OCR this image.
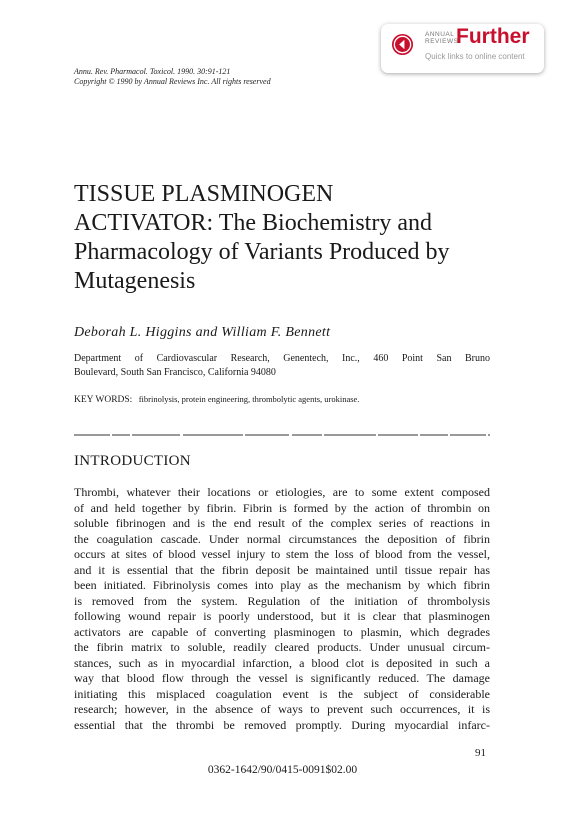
Annu. Rev. Pharmacol. Toxicol. 1990. 30:91-121
Copyright © 1990 by Annual Reviews Inc. All rights reserved
ANNUAL
REVIEWS
Further
Quick links to online content
TISSUE PLASMINOGEN
ACTIVATOR: The Biochemistry and
Pharmacology of Variants Produced by
Mutagenesis
Deborah L. Higgins and William F. Bennett
Department of Cardiovascular Research, Genentech, Inc., 460 Point San Bruno
Boulevard, South San Francisco, California 94080
KEY WORDS: fibrinolysis, protein engineering, thrombolytic agents, urokinase.
INTRODUCTION
Thrombi, whatever their locations or etiologies, are to some extent composed
of and held together by fibrin. Fibrin is formed by the action of thrombin on
soluble fibrinogen and is the end result of the complex series of reactions in
the coagulation cascade. Under normal circumstances the deposition of fibrin
occurs at sites of blood vessel injury to stem the loss of blood from the vessel,
and it is essential that the fibrin deposit be maintained until tissue repair has
been initiated. Fibrinolysis comes into play as the mechanism by which fibrin
is removed from the system. Regulation of the initiation of thrombolysis
following wound repair is poorly understood, but it is clear that plasminogen
activators are capable of converting plasminogen to plasmin, which degrades
the fibrin matrix to soluble, readily cleared products. Under unusual circum-
stances, such as in myocardial infarction, a blood clot is deposited in such a
way that blood flow through the vessel is significantly reduced. The damage
initiating this misplaced coagulation event is the subject of considerable
research; however, in the absence of ways to prevent such occurrences, it is
essential that the thrombi be removed promptly. During myocardial infarc-
91
0362-1642/90/0415-0091$02.00
